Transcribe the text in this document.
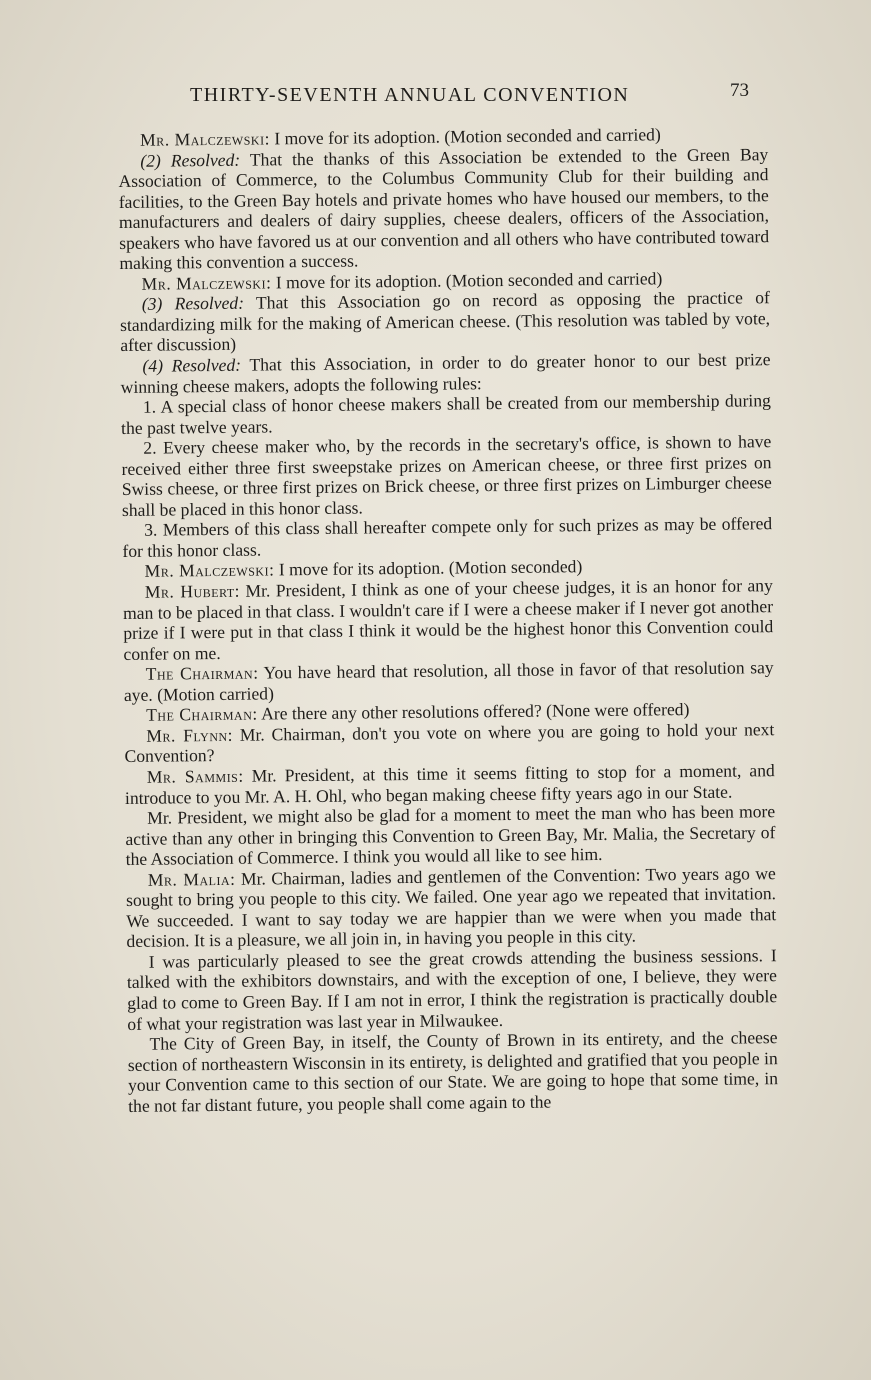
THIRTY-SEVENTH ANNUAL CONVENTION	73

Mr. Malczewski: I move for its adoption. (Motion seconded and carried)

(2) Resolved: That the thanks of this Association be extended to the Green Bay Association of Commerce, to the Columbus Community Club for their building and facilities, to the Green Bay hotels and private homes who have housed our members, to the manufacturers and dealers of dairy supplies, cheese dealers, officers of the Association, speakers who have favored us at our convention and all others who have contributed toward making this convention a success.

Mr. Malczewski: I move for its adoption. (Motion seconded and carried)

(3) Resolved: That this Association go on record as opposing the practice of standardizing milk for the making of American cheese. (This resolution was tabled by vote, after discussion)

(4) Resolved: That this Association, in order to do greater honor to our best prize winning cheese makers, adopts the following rules:

1. A special class of honor cheese makers shall be created from our membership during the past twelve years.

2. Every cheese maker who, by the records in the secretary's office, is shown to have received either three first sweepstake prizes on American cheese, or three first prizes on Swiss cheese, or three first prizes on Brick cheese, or three first prizes on Limburger cheese shall be placed in this honor class.

3. Members of this class shall hereafter compete only for such prizes as may be offered for this honor class.

Mr. Malczewski: I move for its adoption. (Motion seconded)

Mr. Hubert: Mr. President, I think as one of your cheese judges, it is an honor for any man to be placed in that class. I wouldn't care if I were a cheese maker if I never got another prize if I were put in that class I think it would be the highest honor this Convention could confer on me.

The Chairman: You have heard that resolution, all those in favor of that resolution say aye. (Motion carried)

The Chairman: Are there any other resolutions offered? (None were offered)

Mr. Flynn: Mr. Chairman, don't you vote on where you are going to hold your next Convention?

Mr. Sammis: Mr. President, at this time it seems fitting to stop for a moment, and introduce to you Mr. A. H. Ohl, who began making cheese fifty years ago in our State.

Mr. President, we might also be glad for a moment to meet the man who has been more active than any other in bringing this Convention to Green Bay, Mr. Malia, the Secretary of the Association of Commerce. I think you would all like to see him.

Mr. Malia: Mr. Chairman, ladies and gentlemen of the Convention: Two years ago we sought to bring you people to this city. We failed. One year ago we repeated that invitation. We succeeded. I want to say today we are happier than we were when you made that decision. It is a pleasure, we all join in, in having you people in this city.

I was particularly pleased to see the great crowds attending the business sessions. I talked with the exhibitors downstairs, and with the exception of one, I believe, they were glad to come to Green Bay. If I am not in error, I think the registration is practically double of what your registration was last year in Milwaukee.

The City of Green Bay, in itself, the County of Brown in its entirety, and the cheese section of northeastern Wisconsin in its entirety, is delighted and gratified that you people in your Convention came to this section of our State. We are going to hope that some time, in the not far distant future, you people shall come again to the
